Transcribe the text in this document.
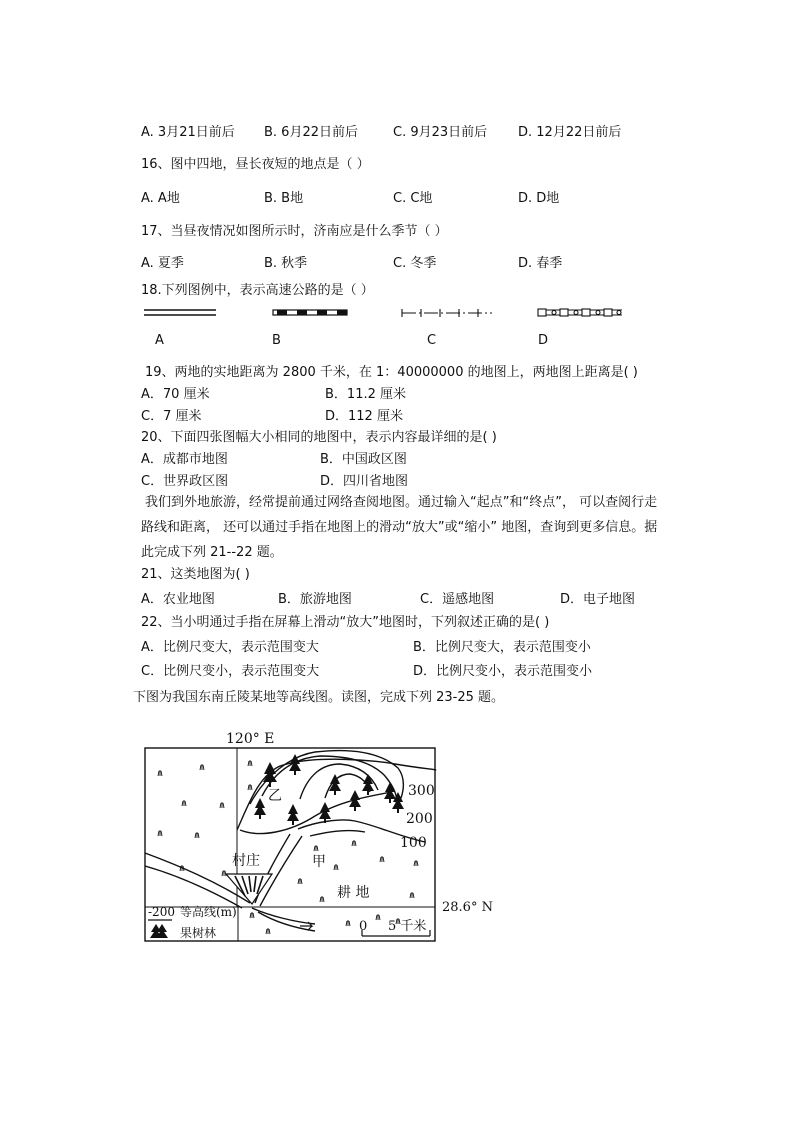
A. 3月21日前后 B. 6月22日前后	C. 9月23日前后 D. 12月22日前后
16、图中四地，昼长夜短的地点是（ ）
A. A地	B. B地	C. C地	D. D地
17、当昼夜情况如图所示时，济南应是什么季节（ ）
A. 夏季	B. 秋季	C. 冬季	D. 春季
18.下列图例中，表示高速公路的是（ ）
A	B	C	D
19、两地的实地距离为 2800 千米，在 1：40000000 的地图上，两地图上距离是( )
A．70 厘米	B．11.2 厘米
C．7 厘米	D．112 厘米
20、下面四张图幅大小相同的地图中，表示内容最详细的是( )
A．成都市地图	B．中国政区图
C．世界政区图	D．四川省地图
我们到外地旅游，经常提前通过网络查阅地图。通过输入“起点”和“终点”， 可以查阅行走路线和距离， 还可以通过手指在地图上的滑动“放大”或“缩小” 地图，查询到更多信息。据此完成下列 21--22 题。
21、这类地图为( )
A．农业地图	B．旅游地图	C．遥感地图	D．电子地图
22、当小明通过手指在屏幕上滑动“放大”地图时，下列叙述正确的是( )
A．比例尺变大，表示范围变大	B．比例尺变大，表示范围变小
C．比例尺变小，表示范围变大	D．比例尺变小，表示范围变小
下图为我国东南丘陵某地等高线图。读图，完成下列 23-25 题。
120° E
28.6° N
300
200
100
乙
甲
村庄
耕 地
-200 等高线(m)
果树林	0 5 千米
